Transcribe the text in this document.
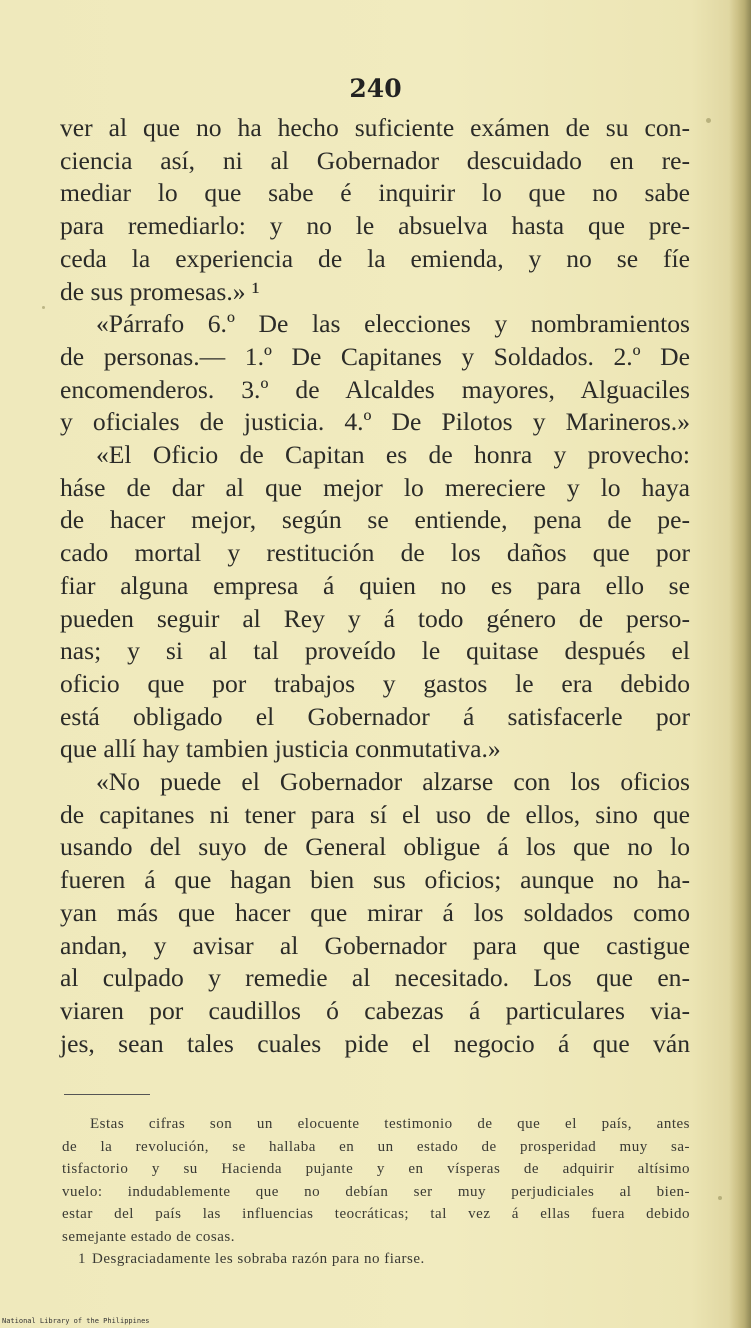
240
ver al que no ha hecho suficiente exámen de su con-
ciencia así, ni al Gobernador descuidado en re-
mediar lo que sabe é inquirir lo que no sabe
para remediarlo: y no le absuelva hasta que pre-
ceda la experiencia de la emienda, y no se fíe
de sus promesas.» ¹
«Párrafo 6.º De las elecciones y nombramientos
de personas.— 1.º De Capitanes y Soldados. 2.º De
encomenderos. 3.º de Alcaldes mayores, Alguaciles
y oficiales de justicia. 4.º De Pilotos y Marineros.»
«El Oficio de Capitan es de honra y provecho:
háse de dar al que mejor lo mereciere y lo haya
de hacer mejor, según se entiende, pena de pe-
cado mortal y restitución de los daños que por
fiar alguna empresa á quien no es para ello se
pueden seguir al Rey y á todo género de perso-
nas; y si al tal proveído le quitase después el
oficio que por trabajos y gastos le era debido
está obligado el Gobernador á satisfacerle por
que allí hay tambien justicia conmutativa.»
«No puede el Gobernador alzarse con los oficios
de capitanes ni tener para sí el uso de ellos, sino que
usando del suyo de General obligue á los que no lo
fueren á que hagan bien sus oficios; aunque no ha-
yan más que hacer que mirar á los soldados como
andan, y avisar al Gobernador para que castigue
al culpado y remedie al necesitado. Los que en-
viaren por caudillos ó cabezas á particulares via-
jes, sean tales cuales pide el negocio á que ván
Estas cifras son un elocuente testimonio de que el país, antes
de la revolución, se hallaba en un estado de prosperidad muy sa-
tisfactorio y su Hacienda pujante y en vísperas de adquirir altísimo
vuelo: indudablemente que no debían ser muy perjudiciales al bien-
estar del país las influencias teocráticas; tal vez á ellas fuera debido
semejante estado de cosas.
1 Desgraciadamente les sobraba razón para no fiarse.
National Library of the Philippines
